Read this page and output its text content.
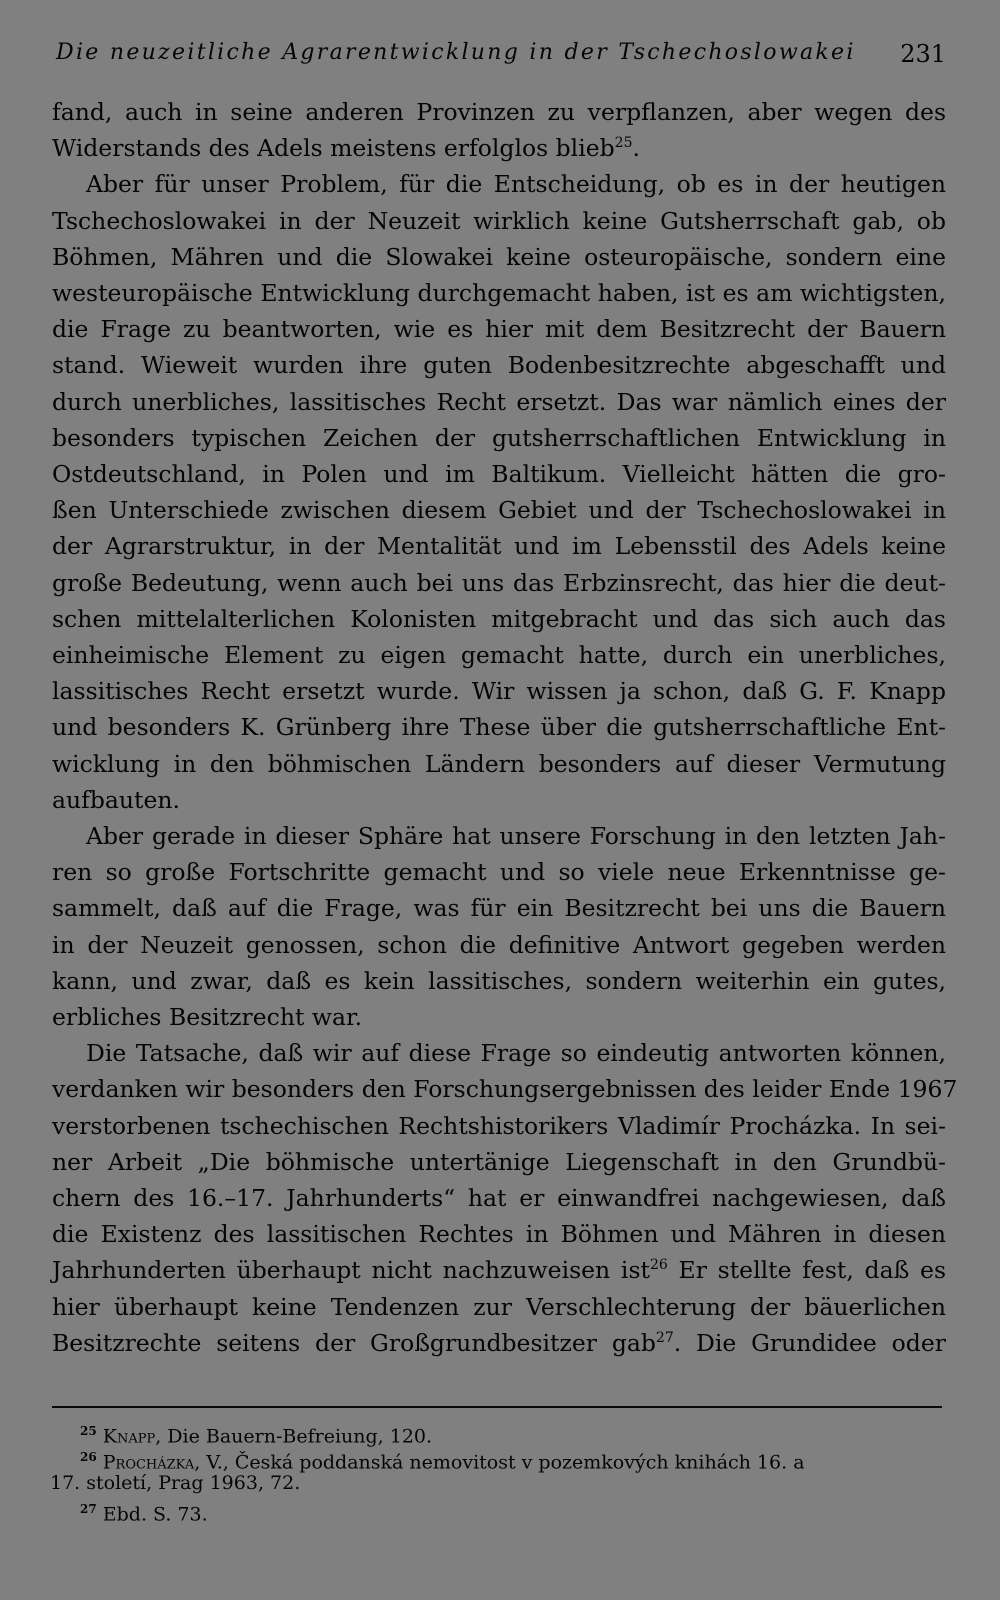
Die neuzeitliche Agrarentwicklung in der Tschechoslowakei 231
fand, auch in seine anderen Provinzen zu verpflanzen, aber wegen des
Widerstands des Adels meistens erfolglos blieb$^{25}$.
Aber für unser Problem, für die Entscheidung, ob es in der heutigen
Tschechoslowakei in der Neuzeit wirklich keine Gutsherrschaft gab, ob
Böhmen, Mähren und die Slowakei keine osteuropäische, sondern eine
westeuropäische Entwicklung durchgemacht haben, ist es am wichtigsten,
die Frage zu beantworten, wie es hier mit dem Besitzrecht der Bauern
stand. Wieweit wurden ihre guten Bodenbesitzrechte abgeschafft und
durch unerbliches, lassitisches Recht ersetzt. Das war nämlich eines der
besonders typischen Zeichen der gutsherrschaftlichen Entwicklung in
Ostdeutschland, in Polen und im Baltikum. Vielleicht hätten die gro-
ßen Unterschiede zwischen diesem Gebiet und der Tschechoslowakei in
der Agrarstruktur, in der Mentalität und im Lebensstil des Adels keine
große Bedeutung, wenn auch bei uns das Erbzinsrecht, das hier die deut-
schen mittelalterlichen Kolonisten mitgebracht und das sich auch das
einheimische Element zu eigen gemacht hatte, durch ein unerbliches,
lassitisches Recht ersetzt wurde. Wir wissen ja schon, daß G. F. Knapp
und besonders K. Grünberg ihre These über die gutsherrschaftliche Ent-
wicklung in den böhmischen Ländern besonders auf dieser Vermutung
aufbauten.
Aber gerade in dieser Sphäre hat unsere Forschung in den letzten Jah-
ren so große Fortschritte gemacht und so viele neue Erkenntnisse ge-
sammelt, daß auf die Frage, was für ein Besitzrecht bei uns die Bauern
in der Neuzeit genossen, schon die definitive Antwort gegeben werden
kann, und zwar, daß es kein lassitisches, sondern weiterhin ein gutes,
erbliches Besitzrecht war.
Die Tatsache, daß wir auf diese Frage so eindeutig antworten können,
verdanken wir besonders den Forschungsergebnissen des leider Ende 1967
verstorbenen tschechischen Rechtshistorikers Vladimír Procházka. In sei-
ner Arbeit „Die böhmische untertänige Liegenschaft in den Grundbü-
chern des 16.–17. Jahrhunderts“ hat er einwandfrei nachgewiesen, daß
die Existenz des lassitischen Rechtes in Böhmen und Mähren in diesen
Jahrhunderten überhaupt nicht nachzuweisen ist$^{26}$ Er stellte fest, daß es
hier überhaupt keine Tendenzen zur Verschlechterung der bäuerlichen
Besitzrechte seitens der Großgrundbesitzer gab$^{27}$. Die Grundidee oder
$^{25}$ Knapp, Die Bauern-Befreiung, 120.
$^{26}$ Procházka, V., Česká poddanská nemovitost v pozemkových knihách 16. a
17. století, Prag 1963, 72.
$^{27}$ Ebd. S. 73.
